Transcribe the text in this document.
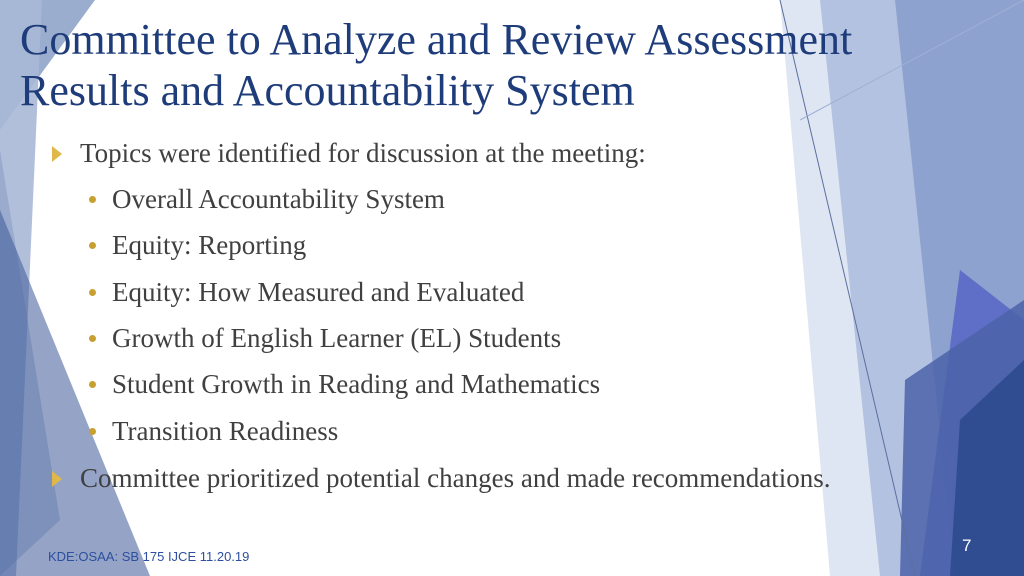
Committee to Analyze and Review Assessment
Results and Accountability System
Topics were identified for discussion at the meeting:
Overall Accountability System
Equity: Reporting
Equity: How Measured and Evaluated
Growth of English Learner (EL) Students
Student Growth in Reading and Mathematics
Transition Readiness
Committee prioritized potential changes and made recommendations.
KDE:OSAA: SB 175 IJCE 11.20.19
7
